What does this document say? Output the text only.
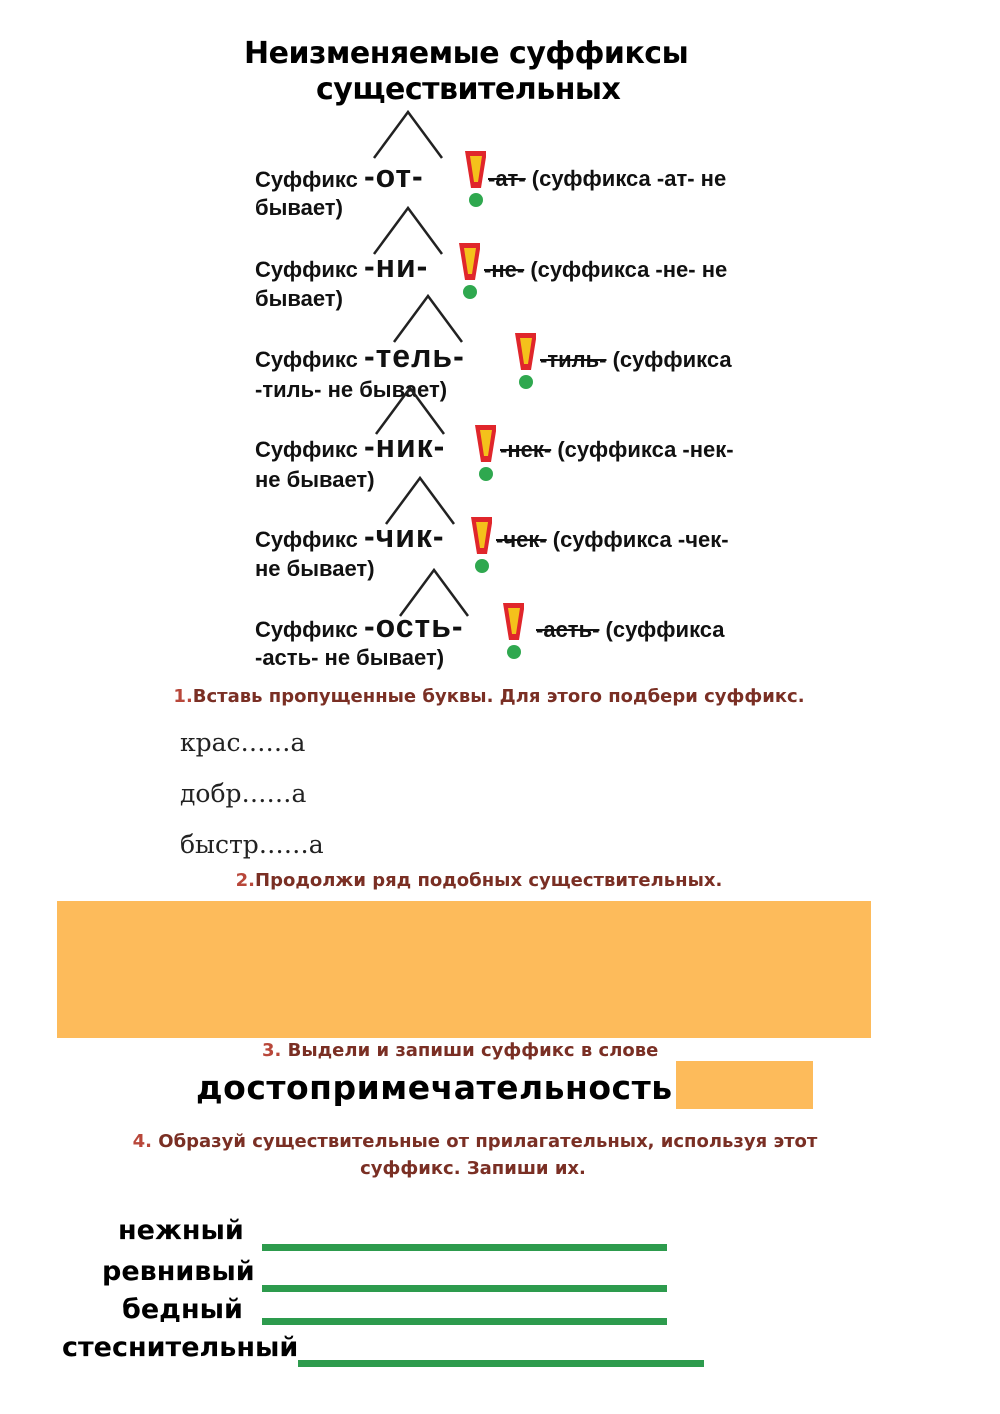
Неизменяемые суффиксы
существительных
Суффикс -от-	-ат- (суффикса -ат- не
бывает)
Суффикс -ни-	-не- (суффикса -не- не
бывает)
Суффикс -тель-	-тиль- (суффикса
-тиль- не бывает)
Суффикс -ник- -нек- (суффикса -нек-
не бывает)
Суффикс -чик- -чек- (суффикса -чек-
не бывает)
Суффикс -ость-	-асть- (суффикса
-асть- не бывает)
1.Вставь пропущенные буквы. Для этого подбери суффикс.
крас……а
добр……а
быстр……а
2.Продолжи ряд подобных существительных.
3. Выдели и запиши суффикс в слове
достопримечательность
4. Образуй существительные от прилагательных, используя этот
суффикс. Запиши их.
нежный
ревнивый
бедный
стеснительный
